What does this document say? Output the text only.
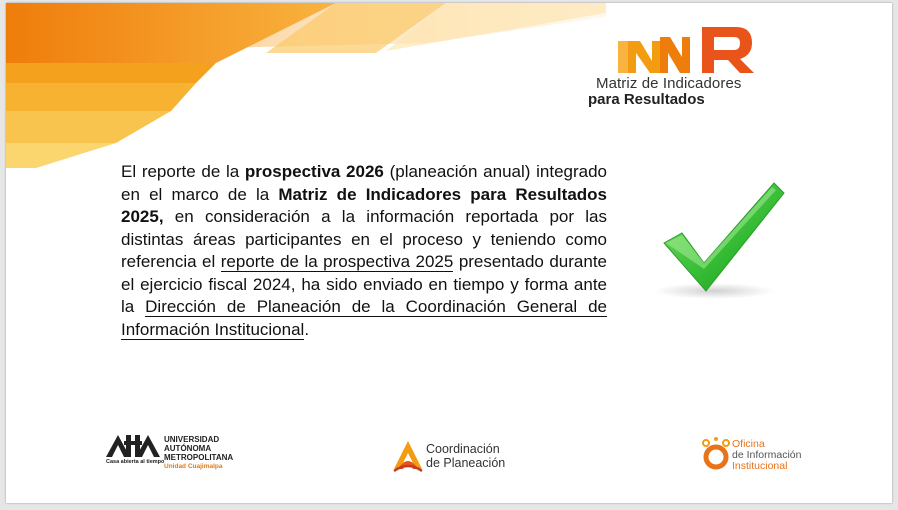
Matriz de Indicadores
para Resultados
El reporte de la prospectiva 2026 (planeación anual) integrado en el marco de la Matriz de Indicadores para Resultados 2025, en consideración a la información reportada por las distintas áreas participantes en el proceso y teniendo como referencia el reporte de la prospectiva 2025 presentado durante el ejercicio fiscal 2024, ha sido enviado en tiempo y forma ante la Dirección de Planeación de la Coordinación General de Información Institucional.
Casa abierta al tiempo
UNIVERSIDAD
AUTÓNOMA
METROPOLITANA
Unidad Cuajimalpa
Coordinación
de Planeación
Oficina
de Información
Institucional
